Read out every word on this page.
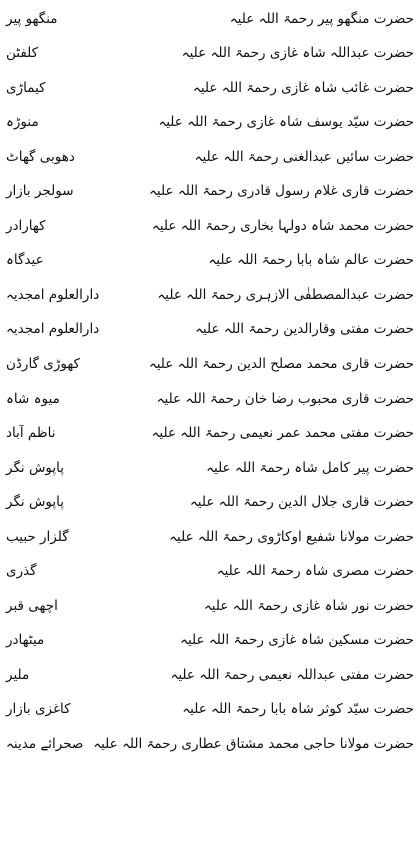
منگھو پیر	حضرت منگھو پیر رحمۃ اللہ علیہ
کلفٹن	حضرت عبداللہ شاہ غازی رحمۃ اللہ علیہ
کیماڑی	حضرت غائب شاہ غازی رحمۃ اللہ علیہ
منوڑہ	حضرت سیّد یوسف شاہ غازی رحمۃ اللہ علیہ
دھوبی گھاٹ	حضرت سائیں عبدالغنی رحمۃ اللہ علیہ
سولجر بازار	حضرت قاری غلام رسول قادری رحمۃ اللہ علیہ
کھارادر	حضرت محمد شاہ دولہا بخاری رحمۃ اللہ علیہ
عیدگاہ	حضرت عالم شاہ بابا رحمۃ اللہ علیہ
دارالعلوم امجدیہ	حضرت عبدالمصطفٰی الازہری رحمۃ اللہ علیہ
دارالعلوم امجدیہ	حضرت مفتی وقارالدین رحمۃ اللہ علیہ
کھوڑی گارڈن	حضرت قاری محمد مصلح الدین رحمۃ اللہ علیہ
میوہ شاہ	حضرت قاری محبوب رضا خان رحمۃ اللہ علیہ
ناظم آباد	حضرت مفتی محمد عمر نعیمی رحمۃ اللہ علیہ
پاپوش نگر	حضرت پیر کامل شاہ رحمۃ اللہ علیہ
پاپوش نگر	حضرت قاری جلال الدین رحمۃ اللہ علیہ
گلزار حبیب	حضرت مولانا شفیع اوکاڑوی رحمۃ اللہ علیہ
گذری	حضرت مصری شاہ رحمۃ اللہ علیہ
اچھی قبر	حضرت نور شاہ غازی رحمۃ اللہ علیہ
میٹھادر	حضرت مسکین شاہ غازی رحمۃ اللہ علیہ
ملیر	حضرت مفتی عبداللہ نعیمی رحمۃ اللہ علیہ
کاغزی بازار	حضرت سیّد کوثر شاہ بابا رحمۃ اللہ علیہ
صحرائے مدینہ حضرت مولانا حاجی محمد مشتاق عطاری رحمۃ اللہ علیہ
